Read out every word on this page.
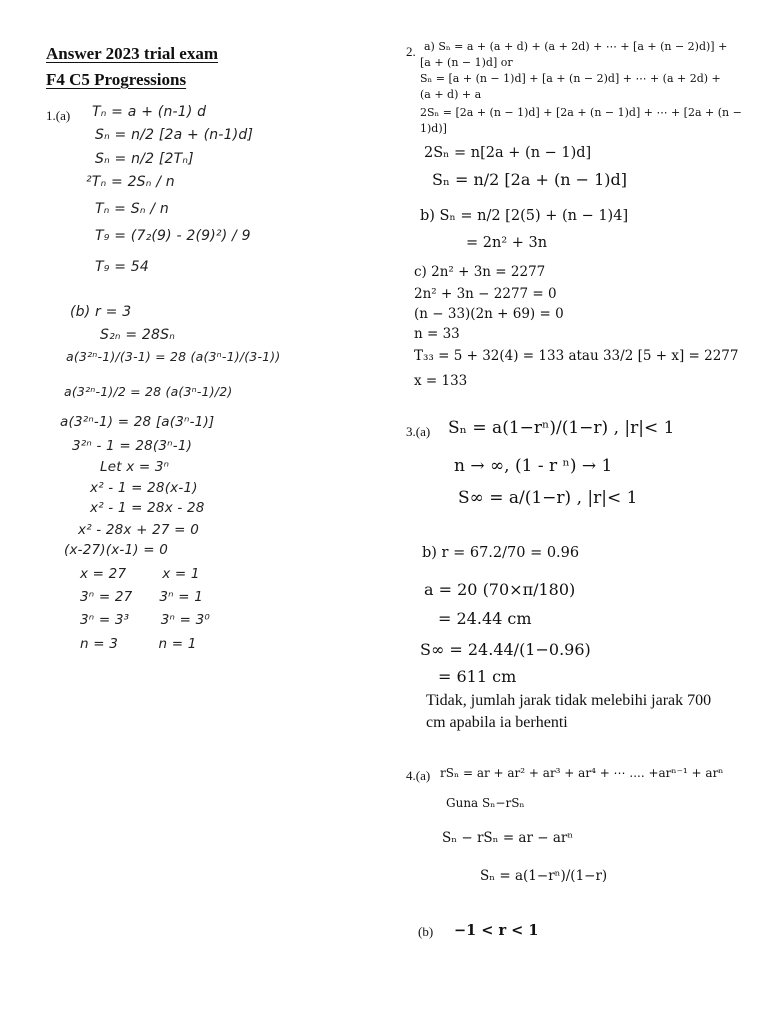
Answer 2023 trial exam
F4 C5 Progressions
1.(a) Tₙ = a + (n-1) d
Sₙ = n/2 [2a + (n-1)d]
Sₙ = n/2 [2Tₙ]
²Tₙ = 2Sₙ / n
Tₙ = Sₙ / n
T₉ = (7₂(9) - 2(9)²) / 9
T₉ = 54
(b) r = 3
S₂ₙ = 28Sₙ
a(3²ⁿ-1)/(3-1) = 28 (a(3ⁿ-1)/(3-1))
a(3²ⁿ-1)/2 = 28 (a(3ⁿ-1)/2)
a(3²ⁿ-1) = 28 [a(3ⁿ-1)]
3²ⁿ - 1 = 28(3ⁿ-1)
Let x = 3ⁿ
x² - 1 = 28(x-1)
x² - 1 = 28x - 28
x² - 28x + 27 = 0
(x-27)(x-1) = 0
x = 27        x = 1
3ⁿ = 27      3ⁿ = 1
3ⁿ = 3³       3ⁿ = 3⁰
n = 3         n = 1
2. a) Sₙ = a + (a + d) + (a + 2d) + ⋯ + [a + (n − 2)d)] +
[a + (n − 1)d] or
Sₙ = [a + (n − 1)d] + [a + (n − 2)d] + ⋯ + (a + 2d) +
(a + d) + a
2Sₙ = [2a + (n − 1)d] + [2a + (n − 1)d] + ⋯ + [2a + (n −
1)d)]
2Sₙ = n[2a + (n − 1)d]
Sₙ = n/2 [2a + (n − 1)d]
b) Sₙ = n/2 [2(5) + (n − 1)4]
= 2n² + 3n
c) 2n² + 3n = 2277
2n² + 3n − 2277 = 0
(n − 33)(2n + 69) = 0
n = 33
T₃₃ = 5 + 32(4) = 133 atau 33/2 [5 + x] = 2277
x = 133
3.(a) Sₙ = a(1−rⁿ)/(1−r) , |r|< 1
n → ∞, (1 - r ⁿ) → 1
S∞ = a/(1−r) , |r|< 1
b) r = 67.2/70 = 0.96
a = 20 (70×π/180)
= 24.44 cm
S∞ = 24.44/(1−0.96)
= 611 cm
Tidak, jumlah jarak tidak melebihi jarak 700 cm apabila ia berhenti
4.(a) rSₙ = ar + ar² + ar³ + ar⁴ + ⋯ .... +arⁿ⁻¹ + arⁿ
Guna Sₙ−rSₙ
Sₙ − rSₙ = ar − arⁿ
Sₙ = a(1−rⁿ)/(1−r)
(b) −1 < r < 1
